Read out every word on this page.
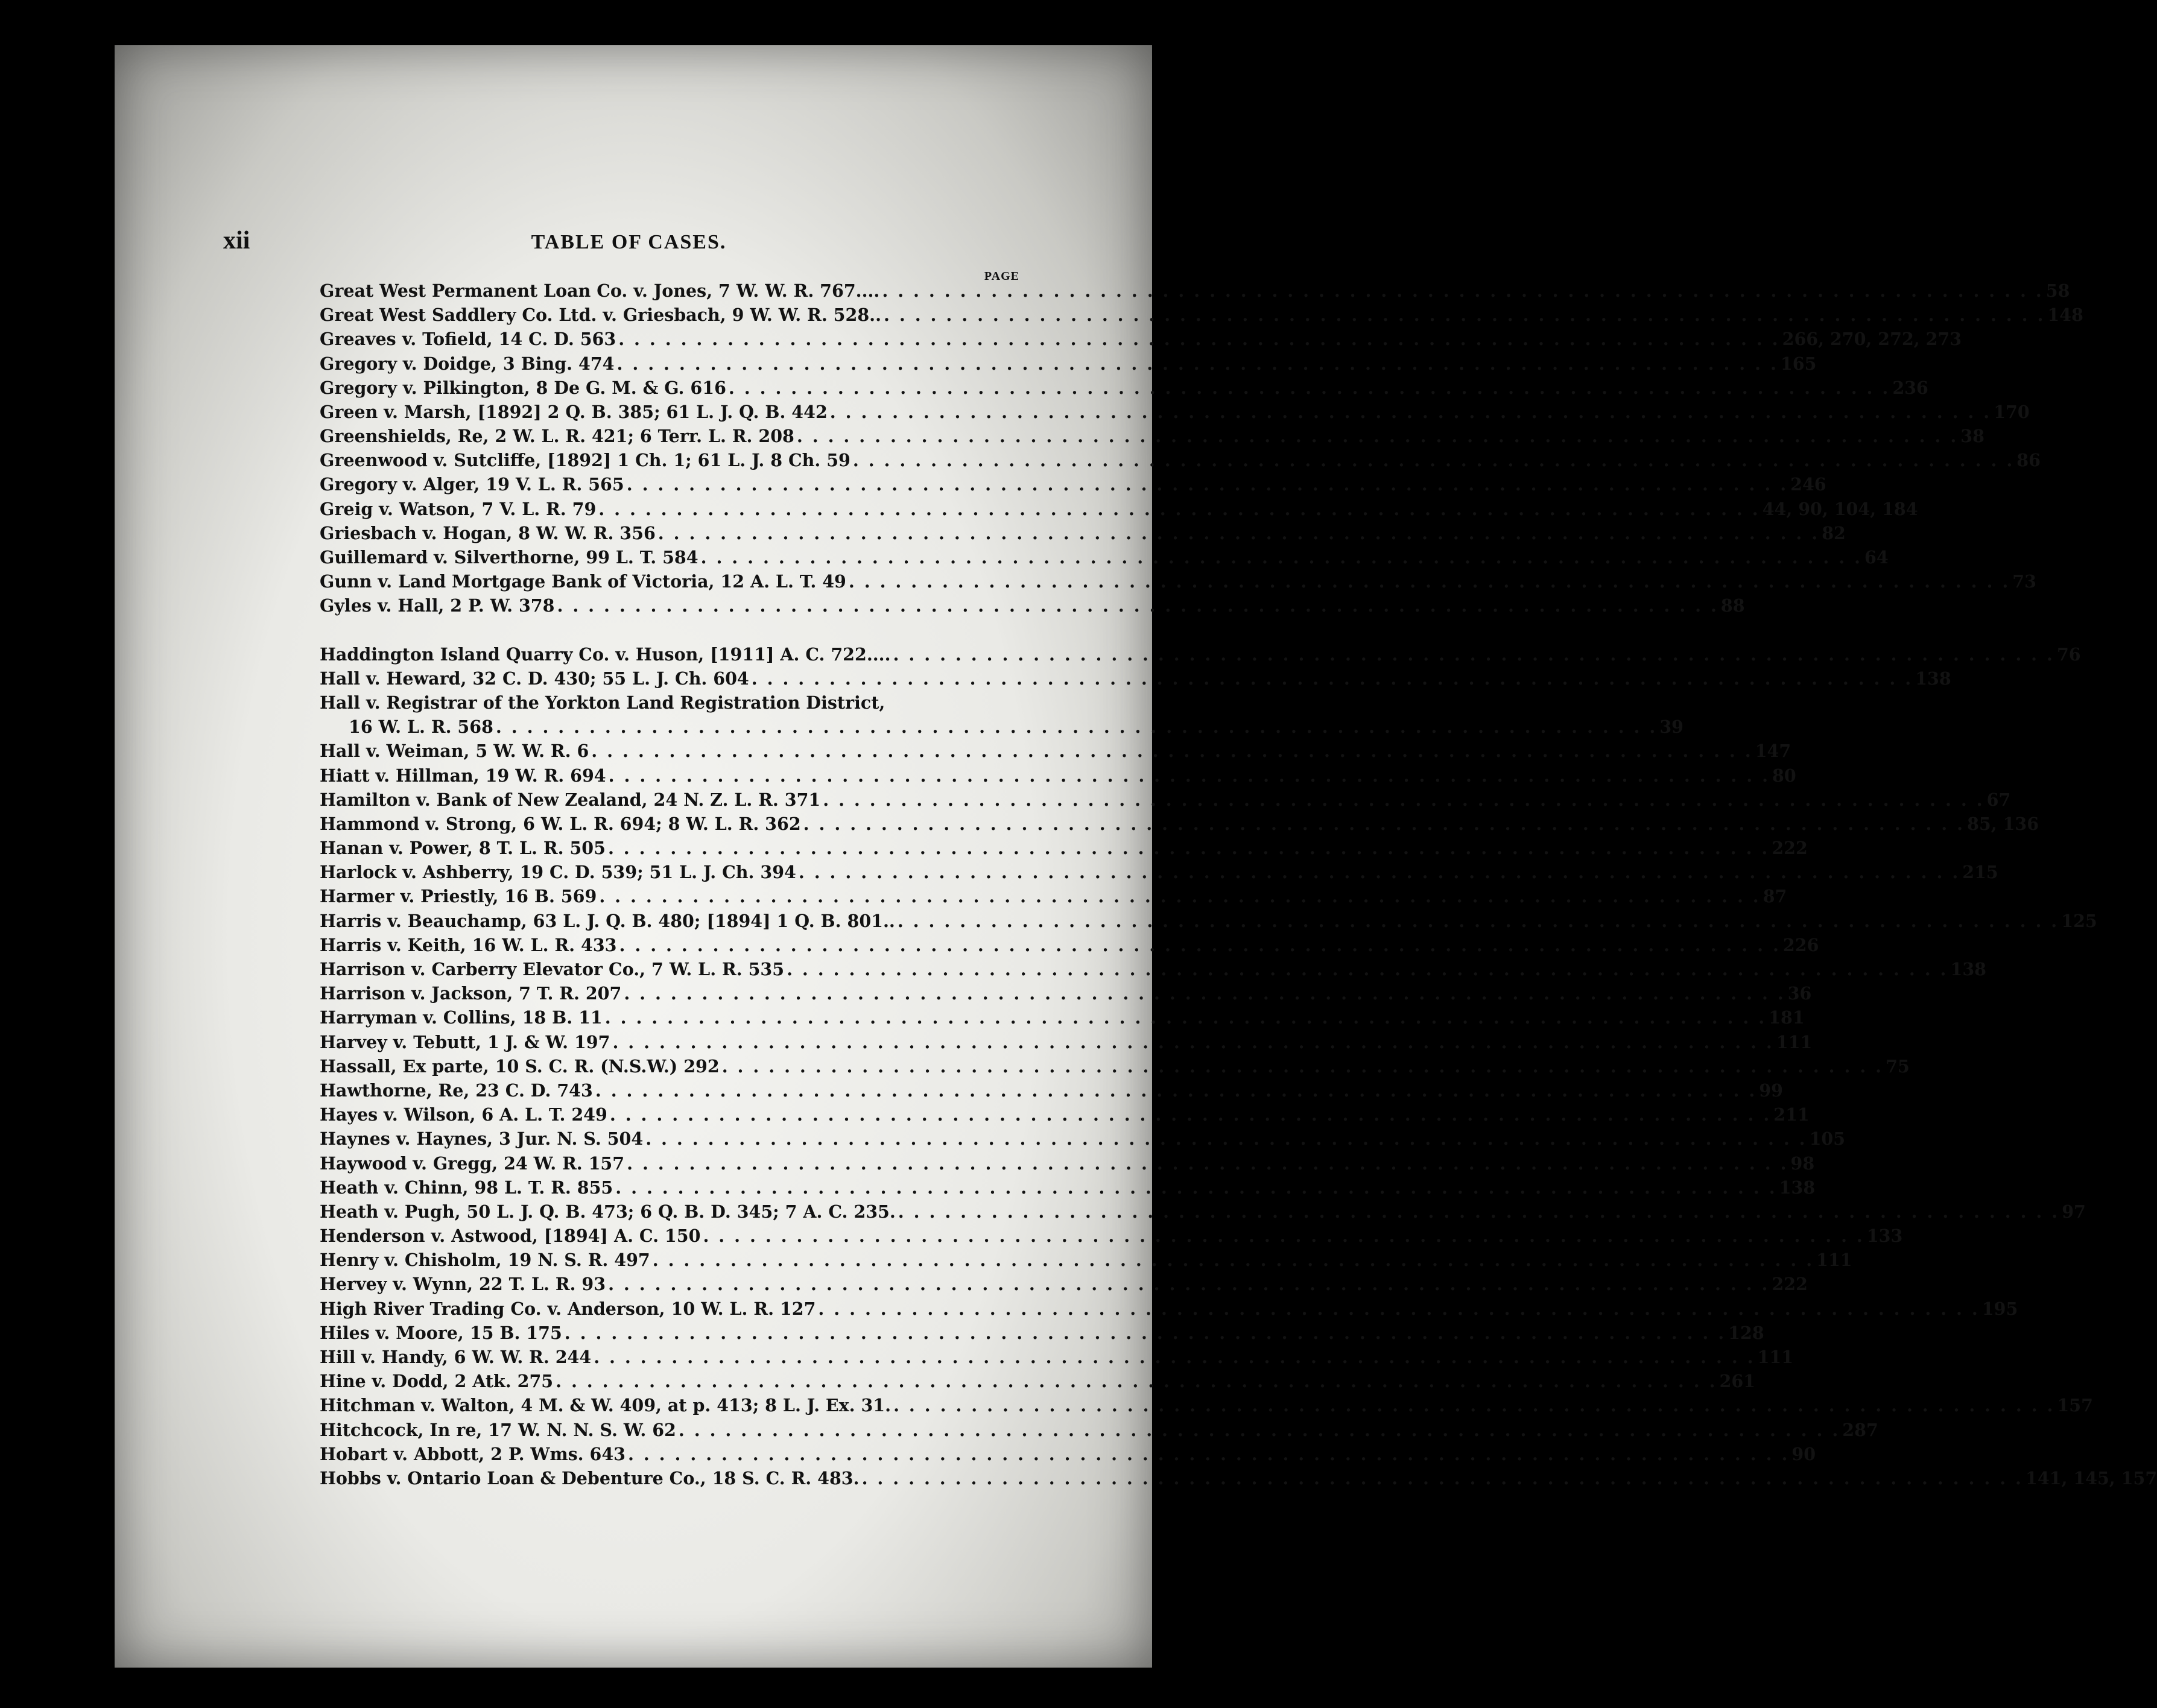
xii	TABLE OF CASES.
PAGE
Great West Permanent Loan Co. v. Jones, 7 W. W. R. 767.... . . . . . . . . . . . . . . . . . . . . . . . . . . . . . . . . . . . . . . . . . . . . . . . . . . . . . . . . . . . . . . . . . . . . . . . . . . . 58
Great West Saddlery Co. Ltd. v. Griesbach, 9 W. W. R. 528.. . . . . . . . . . . . . . . . . . . . . . . . . . . . . . . . . . . . . . . . . . . . . . . . . . . . . . . . . . . . . . . . . . . . . . . . . . . . 148
Greaves v. Tofield, 14 C. D. 563 . . . . . . . . . . . . . . . . . . . . . . . . . . . . . . . . . . . . . . . . . . . . . . . . . . . . . . . . . . . . . . . . . . . . . . . . . . . 266, 270, 272, 273
Gregory v. Doidge, 3 Bing. 474 . . . . . . . . . . . . . . . . . . . . . . . . . . . . . . . . . . . . . . . . . . . . . . . . . . . . . . . . . . . . . . . . . . . . . . . . . . . 165
Gregory v. Pilkington, 8 De G. M. & G. 616 . . . . . . . . . . . . . . . . . . . . . . . . . . . . . . . . . . . . . . . . . . . . . . . . . . . . . . . . . . . . . . . . . . . . . . . . . . . 236
Green v. Marsh, [1892] 2 Q. B. 385; 61 L. J. Q. B. 442 . . . . . . . . . . . . . . . . . . . . . . . . . . . . . . . . . . . . . . . . . . . . . . . . . . . . . . . . . . . . . . . . . . . . . . . . . . . 170
Greenshields, Re, 2 W. L. R. 421; 6 Terr. L. R. 208 . . . . . . . . . . . . . . . . . . . . . . . . . . . . . . . . . . . . . . . . . . . . . . . . . . . . . . . . . . . . . . . . . . . . . . . . . . . 38
Greenwood v. Sutcliffe, [1892] 1 Ch. 1; 61 L. J. 8 Ch. 59 . . . . . . . . . . . . . . . . . . . . . . . . . . . . . . . . . . . . . . . . . . . . . . . . . . . . . . . . . . . . . . . . . . . . . . . . . . . 86
Gregory v. Alger, 19 V. L. R. 565 . . . . . . . . . . . . . . . . . . . . . . . . . . . . . . . . . . . . . . . . . . . . . . . . . . . . . . . . . . . . . . . . . . . . . . . . . . . 246
Greig v. Watson, 7 V. L. R. 79 . . . . . . . . . . . . . . . . . . . . . . . . . . . . . . . . . . . . . . . . . . . . . . . . . . . . . . . . . . . . . . . . . . . . . . . . . . . 44, 90, 104, 184
Griesbach v. Hogan, 8 W. W. R. 356 . . . . . . . . . . . . . . . . . . . . . . . . . . . . . . . . . . . . . . . . . . . . . . . . . . . . . . . . . . . . . . . . . . . . . . . . . . . 82
Guillemard v. Silverthorne, 99 L. T. 584 . . . . . . . . . . . . . . . . . . . . . . . . . . . . . . . . . . . . . . . . . . . . . . . . . . . . . . . . . . . . . . . . . . . . . . . . . . . 64
Gunn v. Land Mortgage Bank of Victoria, 12 A. L. T. 49 . . . . . . . . . . . . . . . . . . . . . . . . . . . . . . . . . . . . . . . . . . . . . . . . . . . . . . . . . . . . . . . . . . . . . . . . . . . 73
Gyles v. Hall, 2 P. W. 378 . . . . . . . . . . . . . . . . . . . . . . . . . . . . . . . . . . . . . . . . . . . . . . . . . . . . . . . . . . . . . . . . . . . . . . . . . . . 88
Haddington Island Quarry Co. v. Huson, [1911] A. C. 722.... . . . . . . . . . . . . . . . . . . . . . . . . . . . . . . . . . . . . . . . . . . . . . . . . . . . . . . . . . . . . . . . . . . . . . . . . . . . 76
Hall v. Heward, 32 C. D. 430; 55 L. J. Ch. 604 . . . . . . . . . . . . . . . . . . . . . . . . . . . . . . . . . . . . . . . . . . . . . . . . . . . . . . . . . . . . . . . . . . . . . . . . . . . 138
Hall v. Registrar of the Yorkton Land Registration District,
16 W. L. R. 568 . . . . . . . . . . . . . . . . . . . . . . . . . . . . . . . . . . . . . . . . . . . . . . . . . . . . . . . . . . . . . . . . . . . . . . . . . . . 39
Hall v. Weiman, 5 W. W. R. 6 . . . . . . . . . . . . . . . . . . . . . . . . . . . . . . . . . . . . . . . . . . . . . . . . . . . . . . . . . . . . . . . . . . . . . . . . . . . 147
Hiatt v. Hillman, 19 W. R. 694 . . . . . . . . . . . . . . . . . . . . . . . . . . . . . . . . . . . . . . . . . . . . . . . . . . . . . . . . . . . . . . . . . . . . . . . . . . . 80
Hamilton v. Bank of New Zealand, 24 N. Z. L. R. 371 . . . . . . . . . . . . . . . . . . . . . . . . . . . . . . . . . . . . . . . . . . . . . . . . . . . . . . . . . . . . . . . . . . . . . . . . . . . 67
Hammond v. Strong, 6 W. L. R. 694; 8 W. L. R. 362 . . . . . . . . . . . . . . . . . . . . . . . . . . . . . . . . . . . . . . . . . . . . . . . . . . . . . . . . . . . . . . . . . . . . . . . . . . . 85, 136
Hanan v. Power, 8 T. L. R. 505 . . . . . . . . . . . . . . . . . . . . . . . . . . . . . . . . . . . . . . . . . . . . . . . . . . . . . . . . . . . . . . . . . . . . . . . . . . . 222
Harlock v. Ashberry, 19 C. D. 539; 51 L. J. Ch. 394 . . . . . . . . . . . . . . . . . . . . . . . . . . . . . . . . . . . . . . . . . . . . . . . . . . . . . . . . . . . . . . . . . . . . . . . . . . . 215
Harmer v. Priestly, 16 B. 569 . . . . . . . . . . . . . . . . . . . . . . . . . . . . . . . . . . . . . . . . . . . . . . . . . . . . . . . . . . . . . . . . . . . . . . . . . . . 87
Harris v. Beauchamp, 63 L. J. Q. B. 480; [1894] 1 Q. B. 801.. . . . . . . . . . . . . . . . . . . . . . . . . . . . . . . . . . . . . . . . . . . . . . . . . . . . . . . . . . . . . . . . . . . . . . . . . . . . 125
Harris v. Keith, 16 W. L. R. 433 . . . . . . . . . . . . . . . . . . . . . . . . . . . . . . . . . . . . . . . . . . . . . . . . . . . . . . . . . . . . . . . . . . . . . . . . . . . 226
Harrison v. Carberry Elevator Co., 7 W. L. R. 535 . . . . . . . . . . . . . . . . . . . . . . . . . . . . . . . . . . . . . . . . . . . . . . . . . . . . . . . . . . . . . . . . . . . . . . . . . . . 138
Harrison v. Jackson, 7 T. R. 207 . . . . . . . . . . . . . . . . . . . . . . . . . . . . . . . . . . . . . . . . . . . . . . . . . . . . . . . . . . . . . . . . . . . . . . . . . . . 36
Harryman v. Collins, 18 B. 11 . . . . . . . . . . . . . . . . . . . . . . . . . . . . . . . . . . . . . . . . . . . . . . . . . . . . . . . . . . . . . . . . . . . . . . . . . . . 181
Harvey v. Tebutt, 1 J. & W. 197 . . . . . . . . . . . . . . . . . . . . . . . . . . . . . . . . . . . . . . . . . . . . . . . . . . . . . . . . . . . . . . . . . . . . . . . . . . . 111
Hassall, Ex parte, 10 S. C. R. (N.S.W.) 292 . . . . . . . . . . . . . . . . . . . . . . . . . . . . . . . . . . . . . . . . . . . . . . . . . . . . . . . . . . . . . . . . . . . . . . . . . . . 75
Hawthorne, Re, 23 C. D. 743 . . . . . . . . . . . . . . . . . . . . . . . . . . . . . . . . . . . . . . . . . . . . . . . . . . . . . . . . . . . . . . . . . . . . . . . . . . . 99
Hayes v. Wilson, 6 A. L. T. 249 . . . . . . . . . . . . . . . . . . . . . . . . . . . . . . . . . . . . . . . . . . . . . . . . . . . . . . . . . . . . . . . . . . . . . . . . . . . 211
Haynes v. Haynes, 3 Jur. N. S. 504 . . . . . . . . . . . . . . . . . . . . . . . . . . . . . . . . . . . . . . . . . . . . . . . . . . . . . . . . . . . . . . . . . . . . . . . . . . . 105
Haywood v. Gregg, 24 W. R. 157 . . . . . . . . . . . . . . . . . . . . . . . . . . . . . . . . . . . . . . . . . . . . . . . . . . . . . . . . . . . . . . . . . . . . . . . . . . . 98
Heath v. Chinn, 98 L. T. R. 855 . . . . . . . . . . . . . . . . . . . . . . . . . . . . . . . . . . . . . . . . . . . . . . . . . . . . . . . . . . . . . . . . . . . . . . . . . . . 138
Heath v. Pugh, 50 L. J. Q. B. 473; 6 Q. B. D. 345; 7 A. C. 235. . . . . . . . . . . . . . . . . . . . . . . . . . . . . . . . . . . . . . . . . . . . . . . . . . . . . . . . . . . . . . . . . . . . . . . . . . . . 97
Henderson v. Astwood, [1894] A. C. 150 . . . . . . . . . . . . . . . . . . . . . . . . . . . . . . . . . . . . . . . . . . . . . . . . . . . . . . . . . . . . . . . . . . . . . . . . . . . 133
Henry v. Chisholm, 19 N. S. R. 497 . . . . . . . . . . . . . . . . . . . . . . . . . . . . . . . . . . . . . . . . . . . . . . . . . . . . . . . . . . . . . . . . . . . . . . . . . . . 111
Hervey v. Wynn, 22 T. L. R. 93 . . . . . . . . . . . . . . . . . . . . . . . . . . . . . . . . . . . . . . . . . . . . . . . . . . . . . . . . . . . . . . . . . . . . . . . . . . . 222
High River Trading Co. v. Anderson, 10 W. L. R. 127 . . . . . . . . . . . . . . . . . . . . . . . . . . . . . . . . . . . . . . . . . . . . . . . . . . . . . . . . . . . . . . . . . . . . . . . . . . . 195
Hiles v. Moore, 15 B. 175 . . . . . . . . . . . . . . . . . . . . . . . . . . . . . . . . . . . . . . . . . . . . . . . . . . . . . . . . . . . . . . . . . . . . . . . . . . . 128
Hill v. Handy, 6 W. W. R. 244 . . . . . . . . . . . . . . . . . . . . . . . . . . . . . . . . . . . . . . . . . . . . . . . . . . . . . . . . . . . . . . . . . . . . . . . . . . . 111
Hine v. Dodd, 2 Atk. 275 . . . . . . . . . . . . . . . . . . . . . . . . . . . . . . . . . . . . . . . . . . . . . . . . . . . . . . . . . . . . . . . . . . . . . . . . . . . 261
Hitchman v. Walton, 4 M. & W. 409, at p. 413; 8 L. J. Ex. 31. . . . . . . . . . . . . . . . . . . . . . . . . . . . . . . . . . . . . . . . . . . . . . . . . . . . . . . . . . . . . . . . . . . . . . . . . . . . 157
Hitchcock, In re, 17 W. N. N. S. W. 62 . . . . . . . . . . . . . . . . . . . . . . . . . . . . . . . . . . . . . . . . . . . . . . . . . . . . . . . . . . . . . . . . . . . . . . . . . . . 287
Hobart v. Abbott, 2 P. Wms. 643 . . . . . . . . . . . . . . . . . . . . . . . . . . . . . . . . . . . . . . . . . . . . . . . . . . . . . . . . . . . . . . . . . . . . . . . . . . . 90
Hobbs v. Ontario Loan & Debenture Co., 18 S. C. R. 483. . . . . . . . . . . . . . . . . . . . . . . . . . . . . . . . . . . . . . . . . . . . . . . . . . . . . . . . . . . . . . . . . . . . . . . . . . . . 141, 145, 157
